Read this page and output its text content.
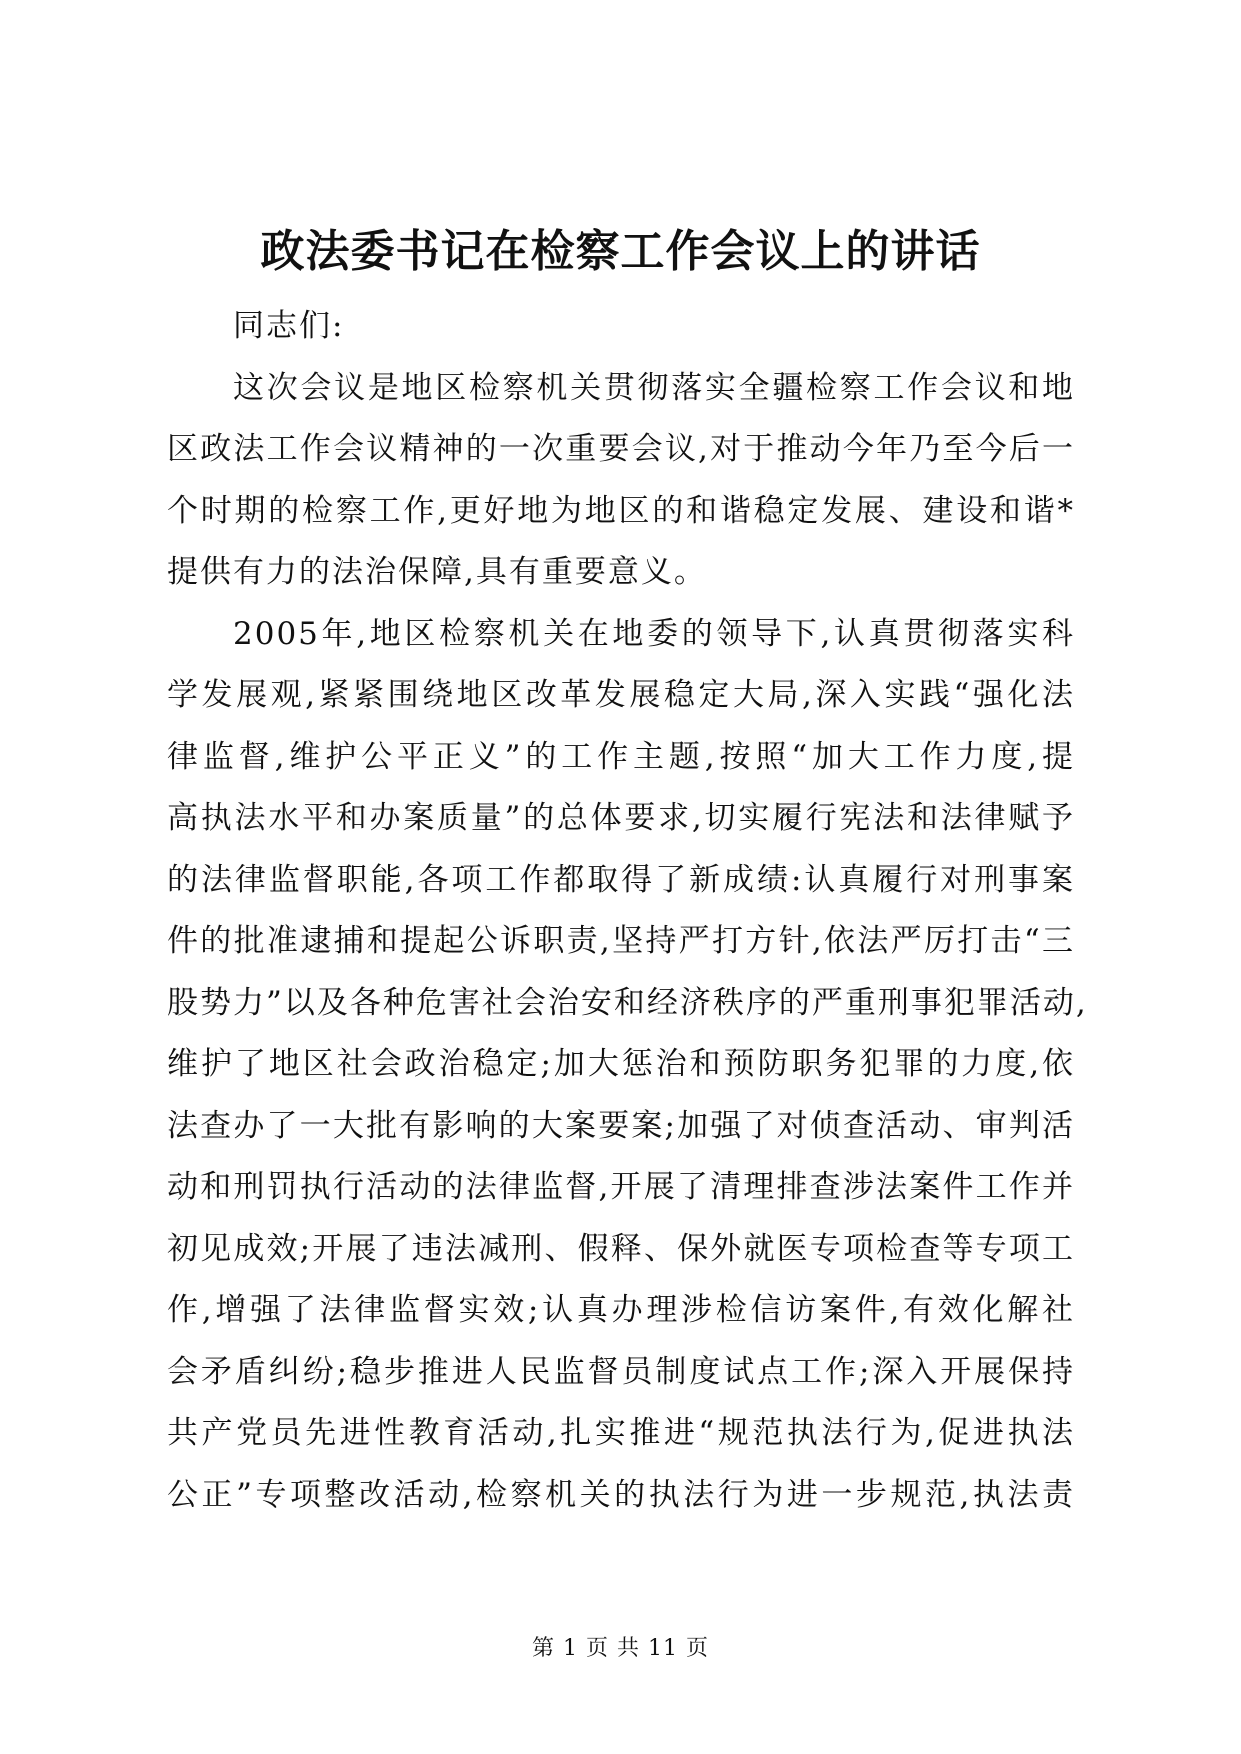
政法委书记在检察工作会议上的讲话
同志们:
这次会议是地区检察机关贯彻落实全疆检察工作会议和地
区政法工作会议精神的一次重要会议,对于推动今年乃至今后一
个时期的检察工作,更好地为地区的和谐稳定发展、建设和谐*
提供有力的法治保障,具有重要意义。
2005年,地区检察机关在地委的领导下,认真贯彻落实科
学发展观,紧紧围绕地区改革发展稳定大局,深入实践“强化法
律监督,维护公平正义”的工作主题,按照“加大工作力度,提
高执法水平和办案质量”的总体要求,切实履行宪法和法律赋予
的法律监督职能,各项工作都取得了新成绩:认真履行对刑事案
件的批准逮捕和提起公诉职责,坚持严打方针,依法严厉打击“三
股势力”以及各种危害社会治安和经济秩序的严重刑事犯罪活动,
维护了地区社会政治稳定;加大惩治和预防职务犯罪的力度,依
法查办了一大批有影响的大案要案;加强了对侦查活动、审判活
动和刑罚执行活动的法律监督,开展了清理排查涉法案件工作并
初见成效;开展了违法减刑、假释、保外就医专项检查等专项工
作,增强了法律监督实效;认真办理涉检信访案件,有效化解社
会矛盾纠纷;稳步推进人民监督员制度试点工作;深入开展保持
共产党员先进性教育活动,扎实推进“规范执法行为,促进执法
公正”专项整改活动,检察机关的执法行为进一步规范,执法责
第 1 页 共 11 页
